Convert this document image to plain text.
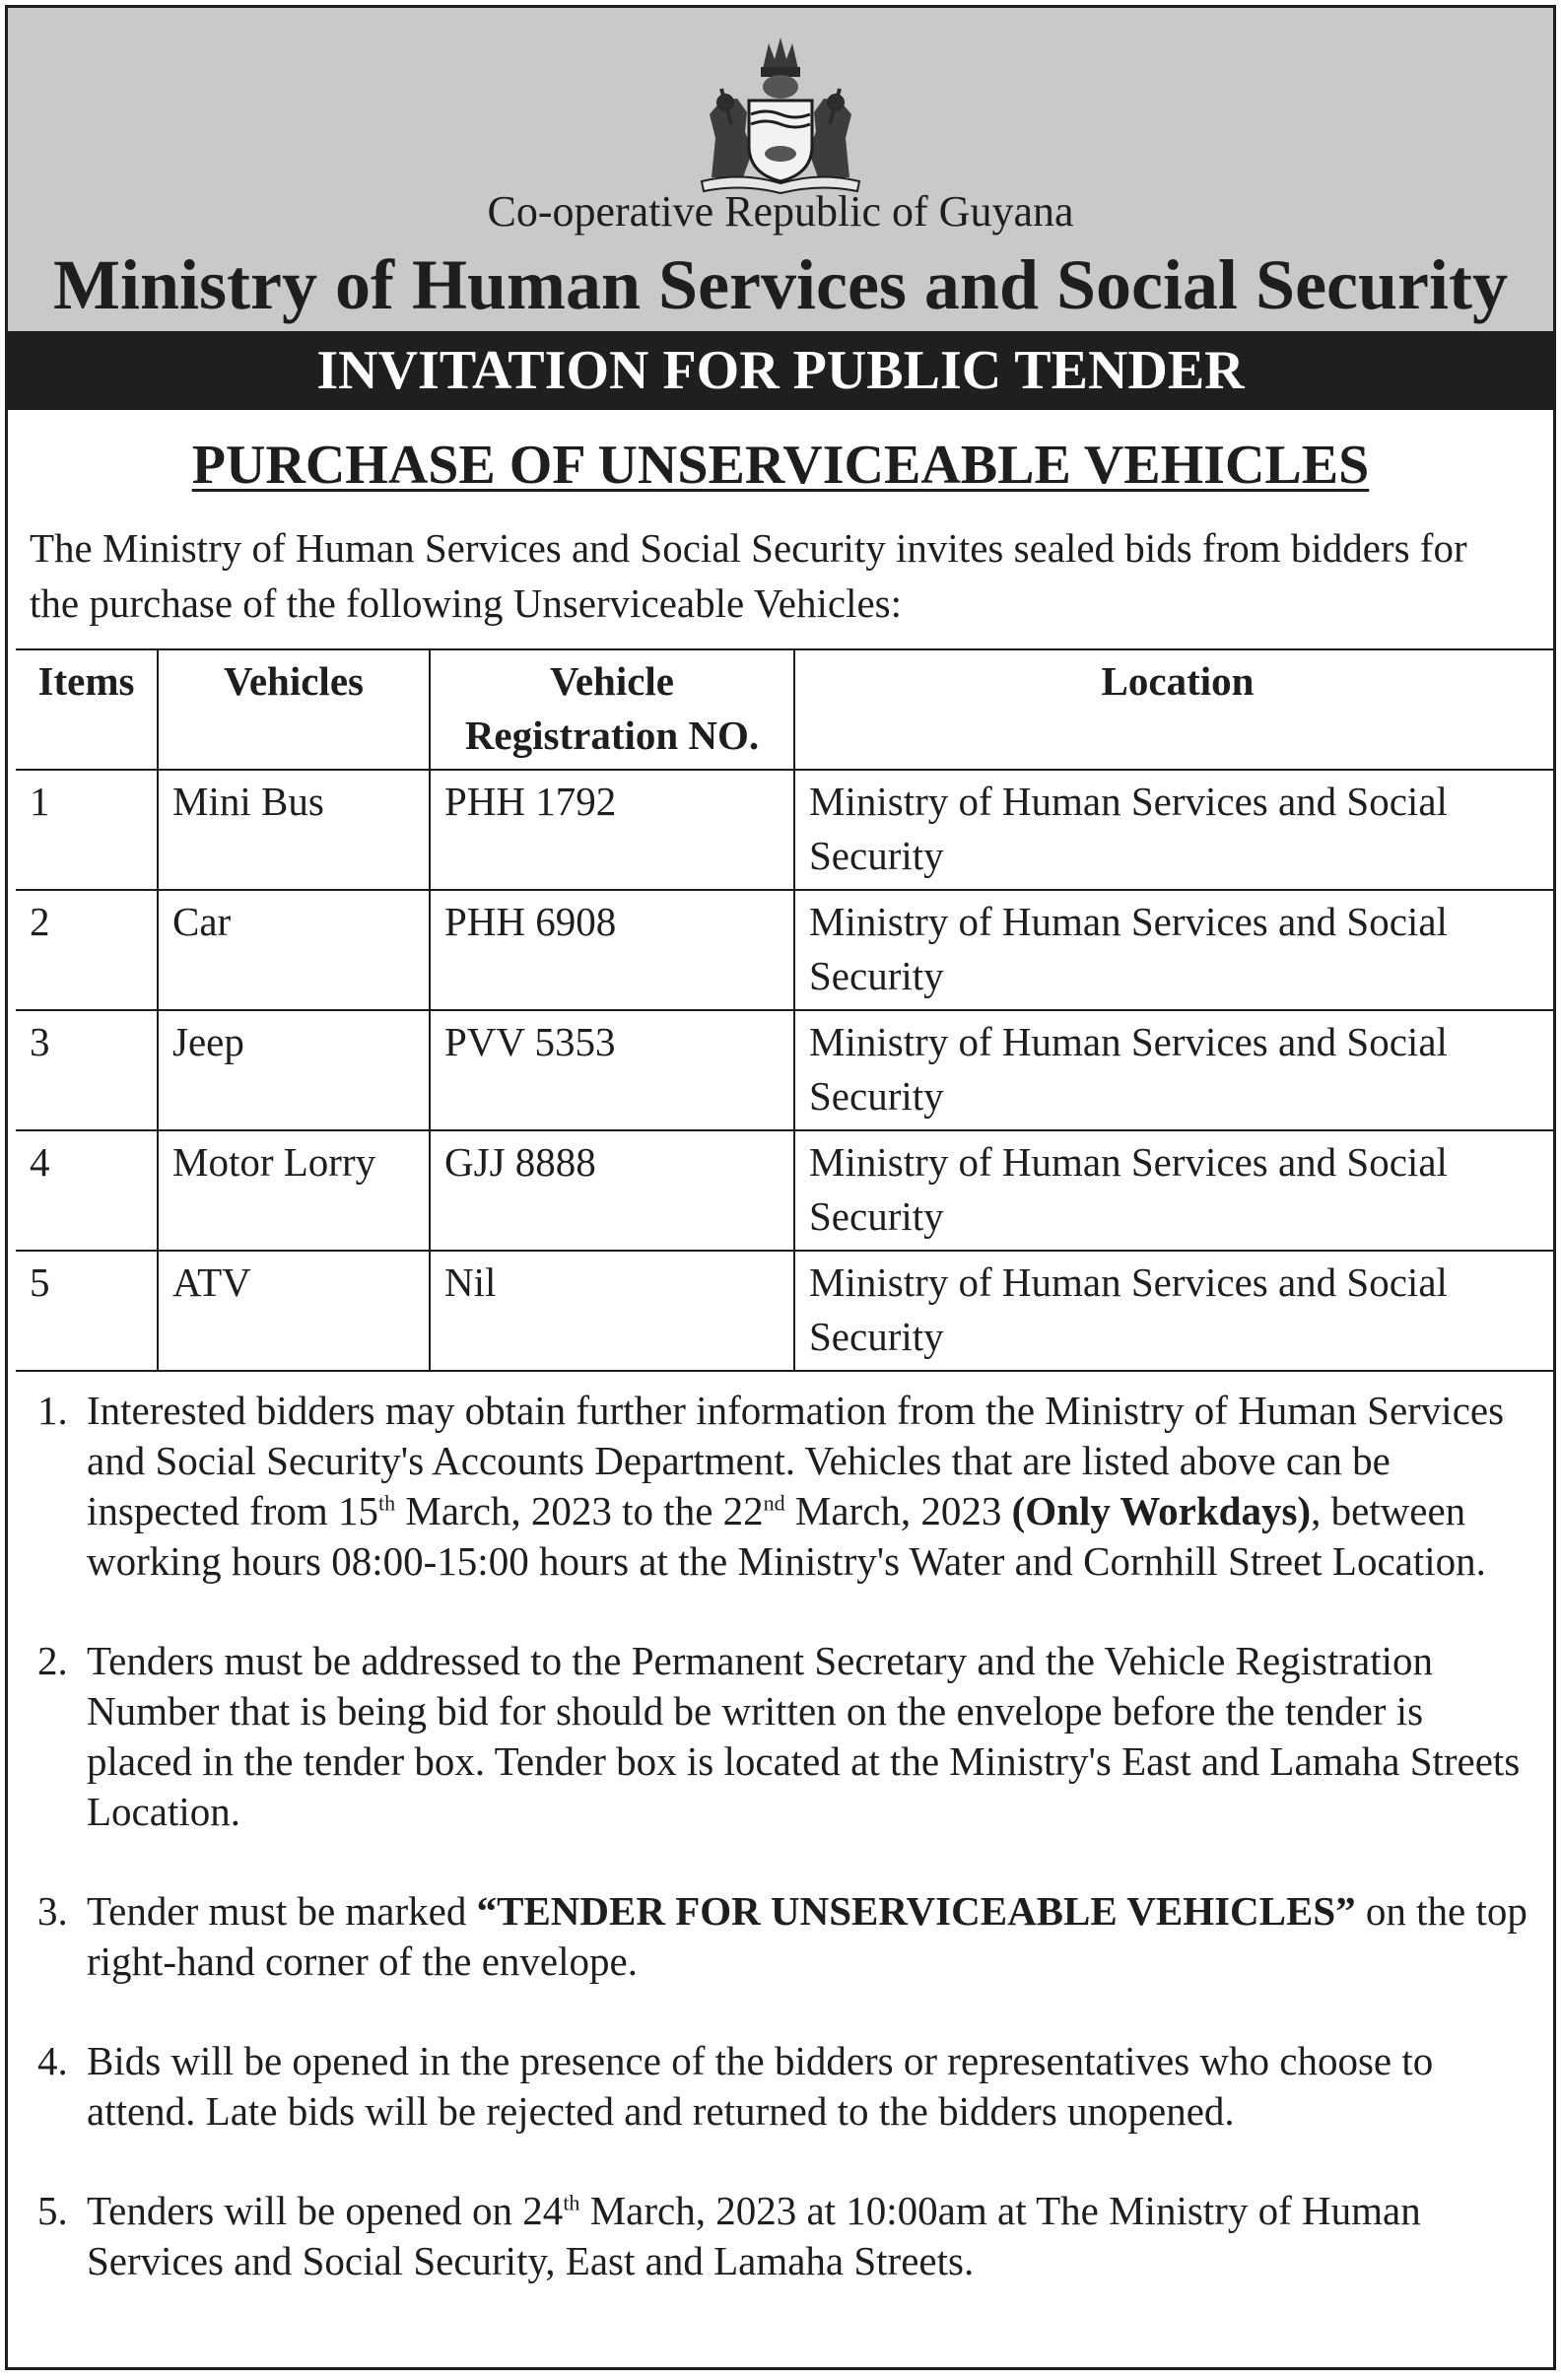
Co-operative Republic of Guyana
Ministry of Human Services and Social Security
INVITATION FOR PUBLIC TENDER
PURCHASE OF UNSERVICEABLE VEHICLES
The Ministry of Human Services and Social Security invites sealed bids from bidders for the purchase of the following Unserviceable Vehicles:
Items	Vehicles	Vehicle Registration NO.	Location
1	Mini Bus	PHH 1792	Ministry of Human Services and Social Security
2	Car	PHH 6908	Ministry of Human Services and Social Security
3	Jeep	PVV 5353	Ministry of Human Services and Social Security
4	Motor Lorry	GJJ 8888	Ministry of Human Services and Social Security
5	ATV	Nil	Ministry of Human Services and Social Security
1. Interested bidders may obtain further information from the Ministry of Human Services and Social Security's Accounts Department. Vehicles that are listed above can be inspected from 15th March, 2023 to the 22nd March, 2023 (Only Workdays), between working hours 08:00-15:00 hours at the Ministry's Water and Cornhill Street Location.
2. Tenders must be addressed to the Permanent Secretary and the Vehicle Registration Number that is being bid for should be written on the envelope before the tender is placed in the tender box. Tender box is located at the Ministry's East and Lamaha Streets Location.
3. Tender must be marked “TENDER FOR UNSERVICEABLE VEHICLES” on the top right-hand corner of the envelope.
4. Bids will be opened in the presence of the bidders or representatives who choose to attend. Late bids will be rejected and returned to the bidders unopened.
5. Tenders will be opened on 24th March, 2023 at 10:00am at The Ministry of Human Services and Social Security, East and Lamaha Streets.
